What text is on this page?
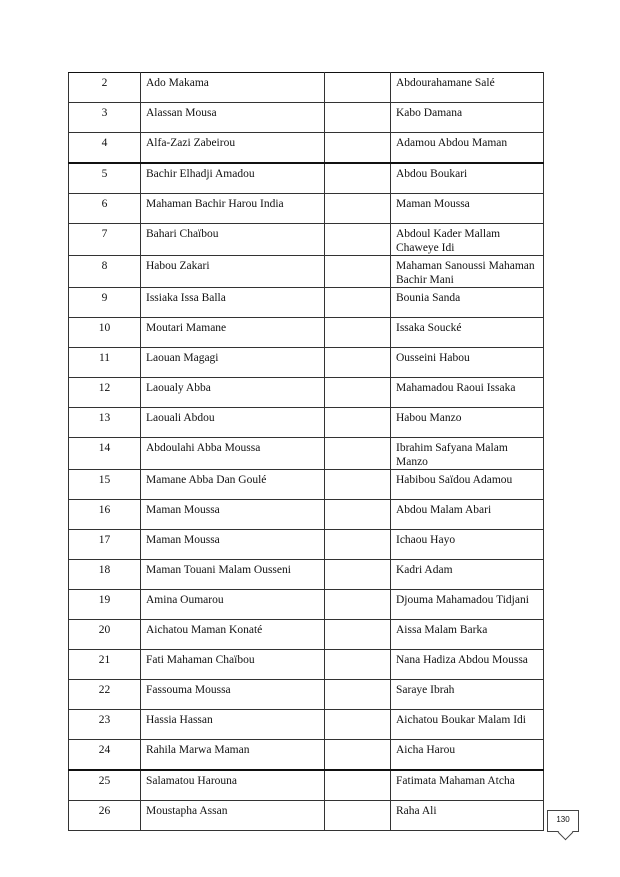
2	Ado Makama		Abdourahamane Salé
3	Alassan Mousa		Kabo Damana
4	Alfa-Zazi Zabeirou		Adamou Abdou Maman
5	Bachir Elhadji Amadou		Abdou Boukari
6	Mahaman Bachir Harou India		Maman Moussa
7	Bahari Chaïbou		Abdoul Kader Mallam Chaweye Idi
8	Habou Zakari		Mahaman Sanoussi Mahaman Bachir Mani
9	Issiaka Issa Balla		Bounia Sanda
10	Moutari Mamane		Issaka Soucké
11	Laouan Magagi		Ousseini Habou
12	Laoualy Abba		Mahamadou Raoui Issaka
13	Laouali Abdou		Habou Manzo
14	Abdoulahi Abba Moussa		Ibrahim Safyana Malam Manzo
15	Mamane Abba Dan Goulé		Habibou Saïdou Adamou
16	Maman Moussa		Abdou Malam Abari
17	Maman Moussa		Ichaou Hayo
18	Maman Touani Malam Ousseni		Kadri Adam
19	Amina Oumarou		Djouma Mahamadou Tidjani
20	Aichatou Maman Konaté		Aissa Malam Barka
21	Fati Mahaman Chaïbou		Nana Hadiza Abdou Moussa
22	Fassouma Moussa		Saraye Ibrah
23	Hassia Hassan		Aichatou Boukar Malam Idi
24	Rahila Marwa Maman		Aicha Harou
25	Salamatou Harouna		Fatimata Mahaman Atcha
26	Moustapha Assan		Raha Ali
130
